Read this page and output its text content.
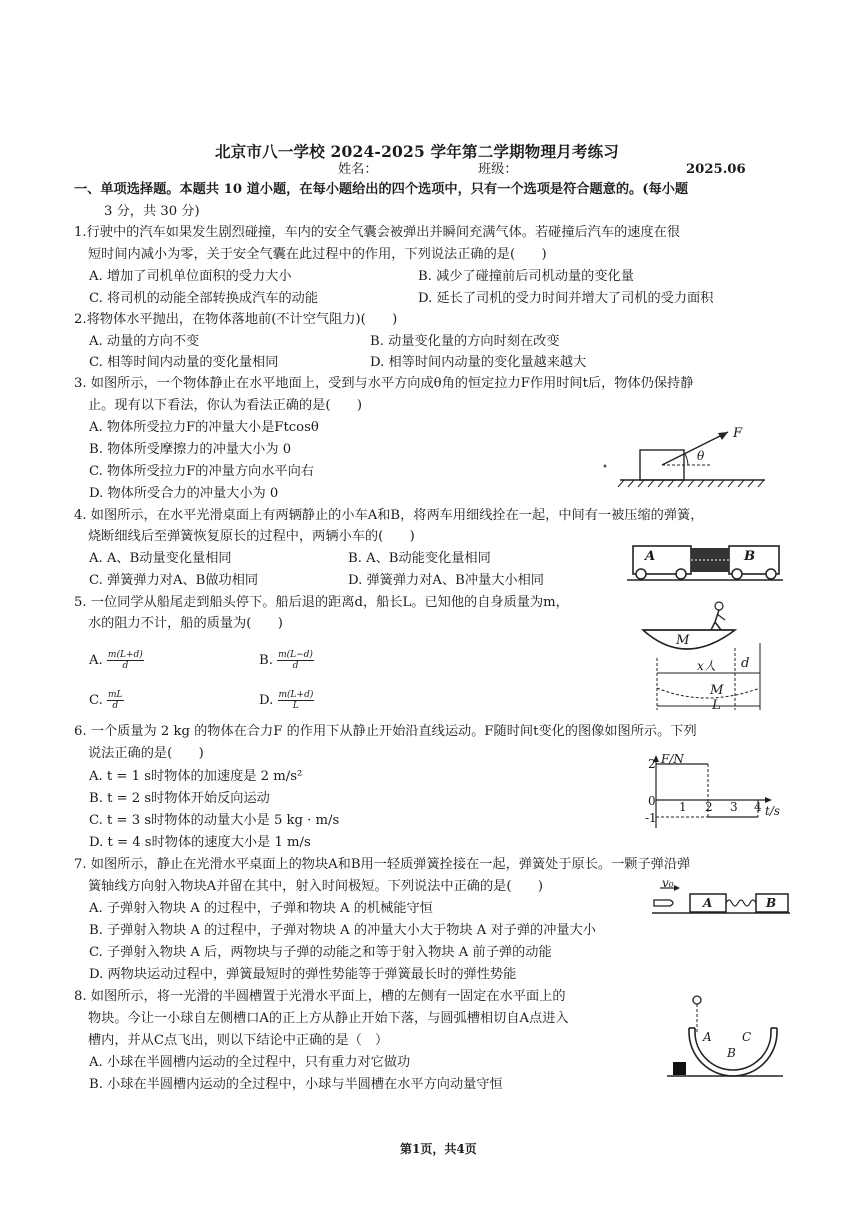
北京市八一学校 2024-2025 学年第二学期物理月考练习
姓名：	班级：	2025.06
一、单项选择题。本题共 10 道小题，在每小题给出的四个选项中，只有一个选项是符合题意的。(每小题
3 分，共 30 分)
1.行驶中的汽车如果发生剧烈碰撞，车内的安全气囊会被弹出并瞬间充满气体。若碰撞后汽车的速度在很
短时间内减小为零，关于安全气囊在此过程中的作用，下列说法正确的是(　　)
A. 增加了司机单位面积的受力大小	B. 减少了碰撞前后司机动量的变化量
C. 将司机的动能全部转换成汽车的动能	D. 延长了司机的受力时间并增大了司机的受力面积
2.将物体水平抛出，在物体落地前(不计空气阻力)(　　)
A. 动量的方向不变	B. 动量变化量的方向时刻在改变
C. 相等时间内动量的变化量相同	D. 相等时间内动量的变化量越来越大
3. 如图所示，一个物体静止在水平地面上，受到与水平方向成θ角的恒定拉力F作用时间t后，物体仍保持静
止。现有以下看法，你认为看法正确的是(　　)
A. 物体所受拉力F的冲量大小是Ftcosθ
B. 物体所受摩擦力的冲量大小为 0
C. 物体所受拉力F的冲量方向水平向右
D. 物体所受合力的冲量大小为 0
F
θ
4. 如图所示，在水平光滑桌面上有两辆静止的小车A和B，将两车用细线拴在一起，中间有一被压缩的弹簧，
烧断细线后至弹簧恢复原长的过程中，两辆小车的(　　)
A. A、B动量变化量相同	B. A、B动能变化量相同
C. 弹簧弹力对A、B做功相同	D. 弹簧弹力对A、B冲量大小相同
A	B
5. 一位同学从船尾走到船头停下。船后退的距离d，船长L。已知他的自身质量为m，
水的阻力不计，船的质量为(　　)
A. $\frac{m(L+d)}{d}$	B. $\frac{m(L-d)}{d}$
C. $\frac{mL}{d}$	D. $\frac{m(L+d)}{L}$
M
x人 d
M
L
6. 一个质量为 2 kg 的物体在合力F 的作用下从静止开始沿直线运动。F随时间t变化的图像如图所示。下列
说法正确的是(　　)
A. t = 1 s时物体的加速度是 2 m/s²
B. t = 2 s时物体开始反向运动
C. t = 3 s时物体的动量大小是 5 kg · m/s
D. t = 4 s时物体的速度大小是 1 m/s
F/N
t/s
2
0
-1
1 2 3 4
7. 如图所示，静止在光滑水平桌面上的物块A和B用一轻质弹簧拴接在一起，弹簧处于原长。一颗子弹沿弹
簧轴线方向射入物块A并留在其中，射入时间极短。下列说法中正确的是(　　)
A. 子弹射入物块 A 的过程中，子弹和物块 A 的机械能守恒
B. 子弹射入物块 A 的过程中，子弹对物块 A 的冲量大小大于物块 A 对子弹的冲量大小
C. 子弹射入物块 A 后，两物块与子弹的动能之和等于射入物块 A 前子弹的动能
D. 两物块运动过程中，弹簧最短时的弹性势能等于弹簧最长时的弹性势能
v₀
A	B
8. 如图所示，将一光滑的半圆槽置于光滑水平面上，槽的左侧有一固定在水平面上的
物块。今让一小球自左侧槽口A的正上方从静止开始下落，与圆弧槽相切自A点进入
槽内，并从C点飞出，则以下结论中正确的是（　）
A. 小球在半圆槽内运动的全过程中，只有重力对它做功
B. 小球在半圆槽内运动的全过程中，小球与半圆槽在水平方向动量守恒
A
B
C
第1页，共4页
